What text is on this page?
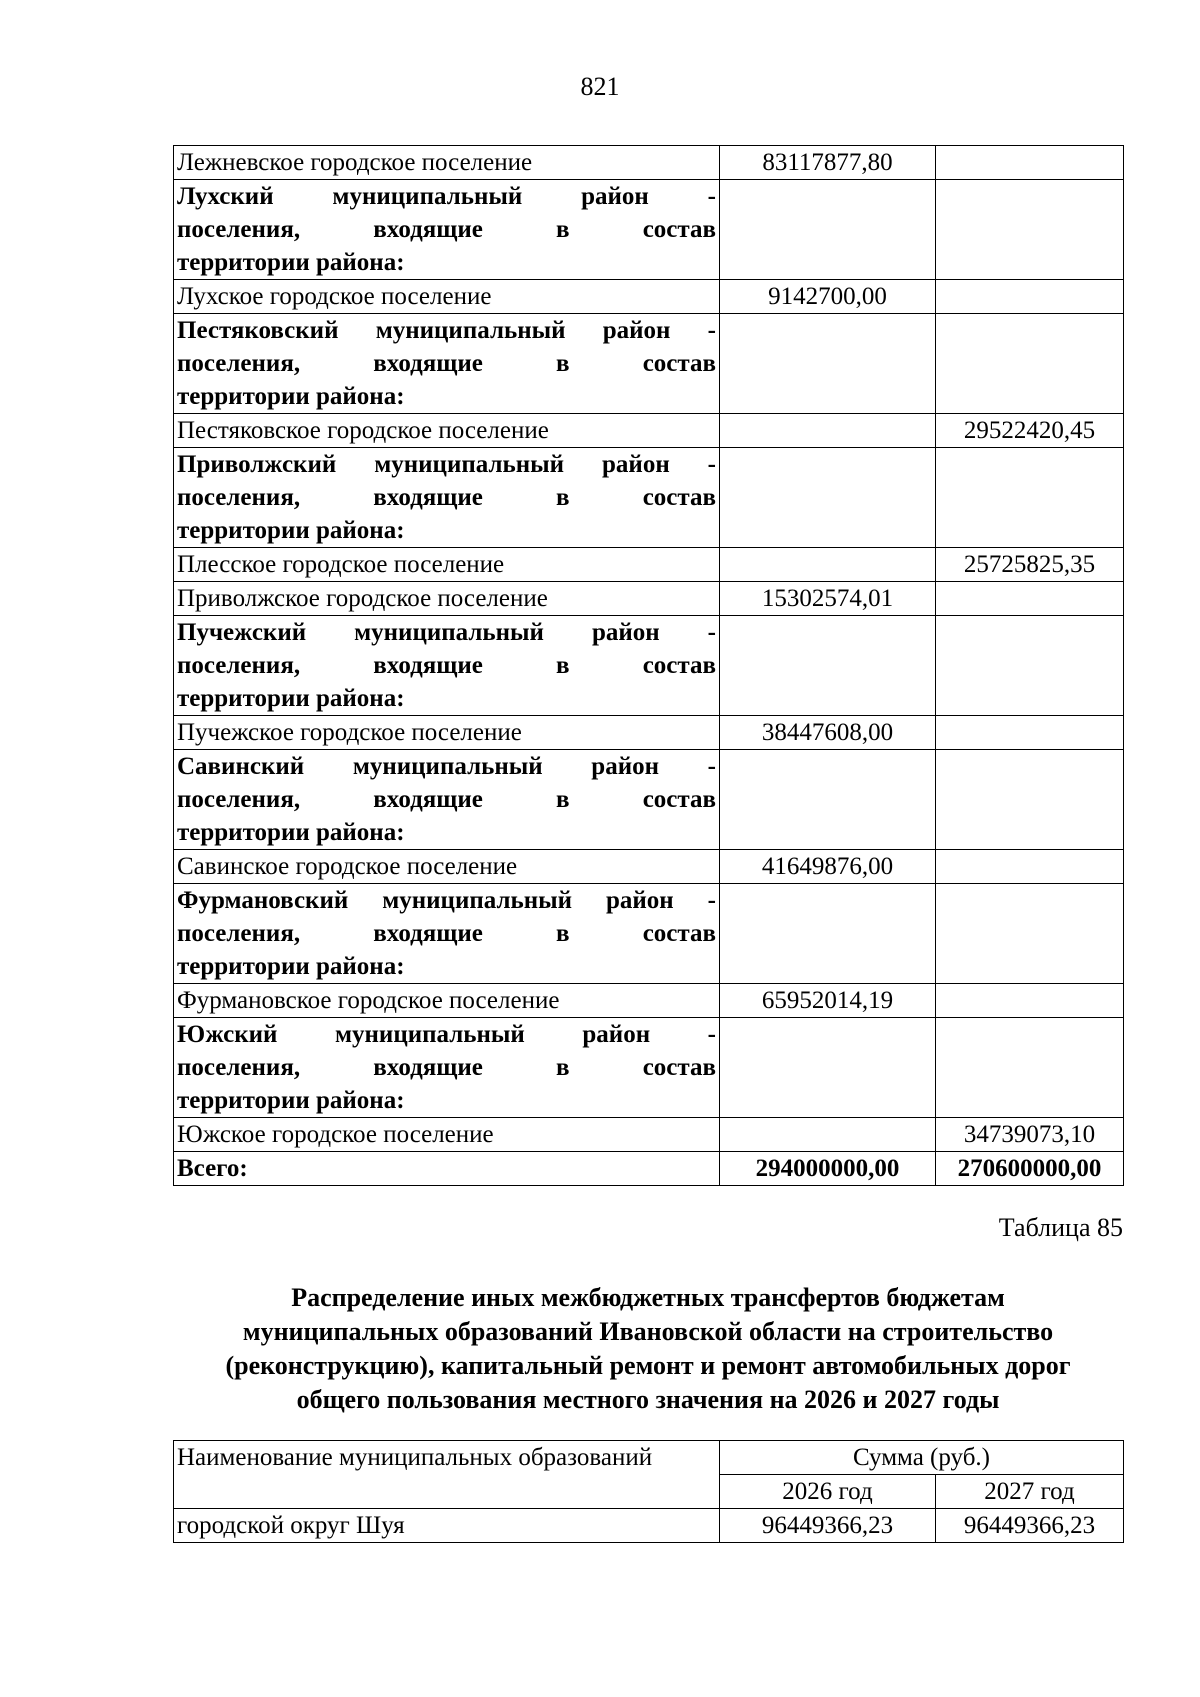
821
Лежневское городское поселение	83117877,80	

Лухский муниципальный район -
поселения, входящие в состав
территории района:		

Лухское городское поселение	9142700,00	

Пестяковский муниципальный район -
поселения, входящие в состав
территории района:		

Пестяковское городское поселение		29522420,45

Приволжский муниципальный район -
поселения, входящие в состав
территории района:		

Плесское городское поселение		25725825,35
Приволжское городское поселение	15302574,01	

Пучежский муниципальный район -
поселения, входящие в состав
территории района:		

Пучежское городское поселение	38447608,00	

Савинский муниципальный район -
поселения, входящие в состав
территории района:		

Савинское городское поселение	41649876,00	

Фурмановский муниципальный район -
поселения, входящие в состав
территории района:		

Фурмановское городское поселение	65952014,19	

Южский муниципальный район -
поселения, входящие в состав
территории района:		

Южское городское поселение		34739073,10
Всего:	294000000,00	270600000,00
Таблица 85
Распределение иных межбюджетных трансфертов бюджетам
муниципальных образований Ивановской области на строительство
(реконструкцию), капитальный ремонт и ремонт автомобильных дорог
общего пользования местного значения на 2026 и 2027 годы
Наименование муниципальных образований	Сумма (руб.)	
	2026 год	2027 год
городской округ Шуя	96449366,23	96449366,23
